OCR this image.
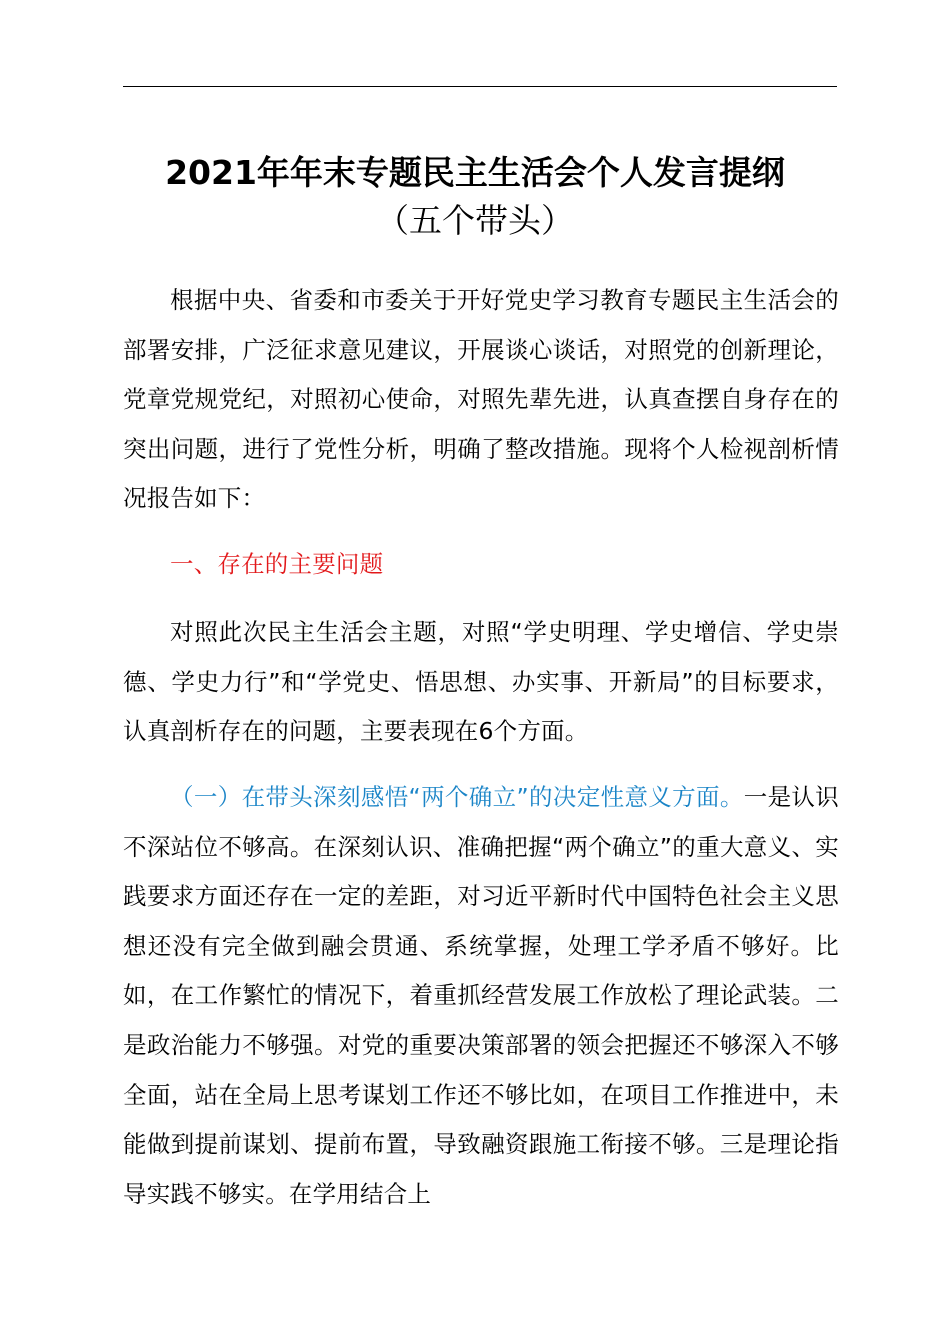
2021年年末专题民主生活会个人发言提纲
（五个带头）

根据中央、省委和市委关于开好党史学习教育专题民主生活会的部署安排，广泛征求意见建议，开展谈心谈话，对照党的创新理论，党章党规党纪，对照初心使命，对照先辈先进，认真查摆自身存在的突出问题，进行了党性分析，明确了整改措施。现将个人检视剖析情况报告如下：

一、存在的主要问题

对照此次民主生活会主题，对照“学史明理、学史增信、学史崇德、学史力行”和“学党史、悟思想、办实事、开新局”的目标要求，认真剖析存在的问题，主要表现在6个方面。

（一）在带头深刻感悟“两个确立”的决定性意义方面。一是认识不深站位不够高。在深刻认识、准确把握“两个确立”的重大意义、实践要求方面还存在一定的差距，对习近平新时代中国特色社会主义思想还没有完全做到融会贯通、系统掌握，处理工学矛盾不够好。比如，在工作繁忙的情况下，着重抓经营发展工作放松了理论武装。二是政治能力不够强。对党的重要决策部署的领会把握还不够深入不够全面，站在全局上思考谋划工作还不够比如，在项目工作推进中，未能做到提前谋划、提前布置，导致融资跟施工衔接不够。三是理论指导实践不够实。在学用结合上
